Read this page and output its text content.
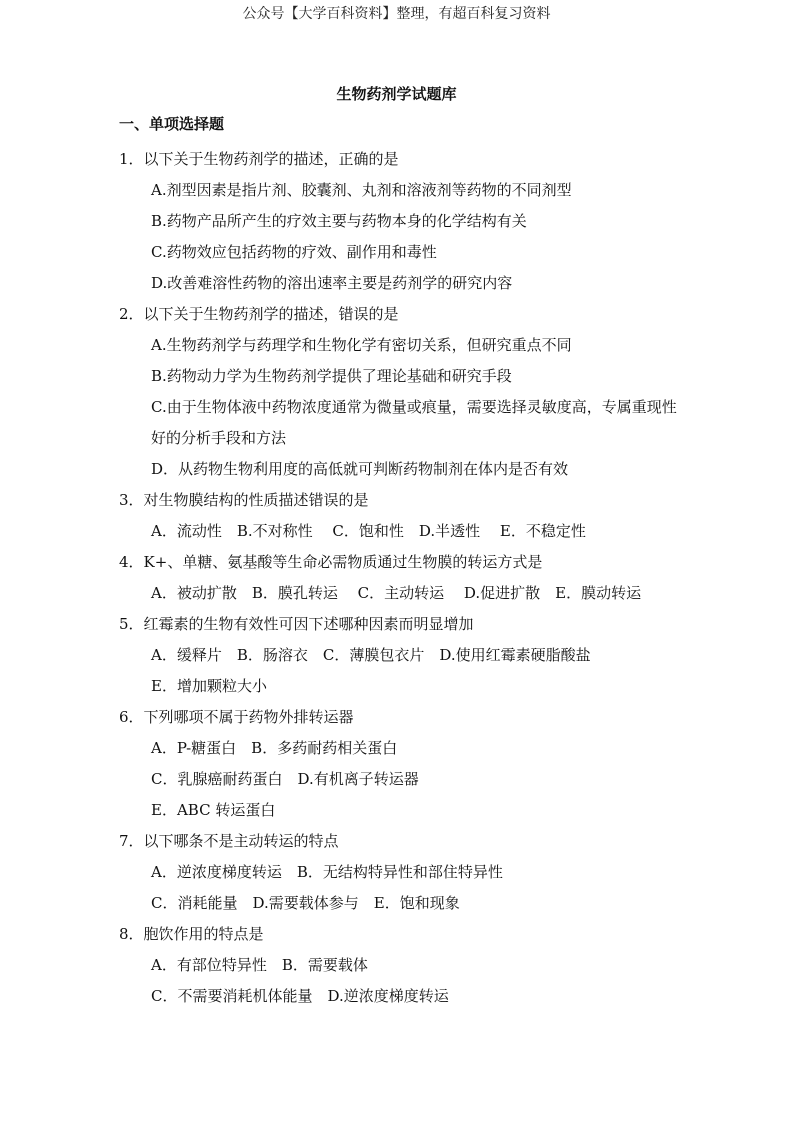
公众号【大学百科资料】整理，有超百科复习资料
生物药剂学试题库
一、单项选择题
1．以下关于生物药剂学的描述，正确的是
A.剂型因素是指片剂、胶囊剂、丸剂和溶液剂等药物的不同剂型
B.药物产品所产生的疗效主要与药物本身的化学结构有关
C.药物效应包括药物的疗效、副作用和毒性
D.改善难溶性药物的溶出速率主要是药剂学的研究内容
2．以下关于生物药剂学的描述，错误的是
A.生物药剂学与药理学和生物化学有密切关系，但研究重点不同
B.药物动力学为生物药剂学提供了理论基础和研究手段
C.由于生物体液中药物浓度通常为微量或痕量，需要选择灵敏度高，专属重现性好的分析手段和方法
D．从药物生物利用度的高低就可判断药物制剂在体内是否有效
3．对生物膜结构的性质描述错误的是
A．流动性　B.不对称性　 C．饱和性　D.半透性　 E．不稳定性
4．K+、单糖、氨基酸等生命必需物质通过生物膜的转运方式是
A．被动扩散　B．膜孔转运　 C．主动转运　 D.促进扩散　E．膜动转运
5．红霉素的生物有效性可因下述哪种因素而明显增加
A．缓释片　B．肠溶衣　C．薄膜包衣片　D.使用红霉素硬脂酸盐
E．增加颗粒大小
6．下列哪项不属于药物外排转运器
A．P-糖蛋白　B．多药耐药相关蛋白
C．乳腺癌耐药蛋白　D.有机离子转运器
E．ABC 转运蛋白
7．以下哪条不是主动转运的特点
A．逆浓度梯度转运　B．无结构特异性和部住特异性
C．消耗能量　D.需要载体参与　E．饱和现象
8．胞饮作用的特点是
A．有部位特异性　B．需要载体
C．不需要消耗机体能量　D.逆浓度梯度转运
